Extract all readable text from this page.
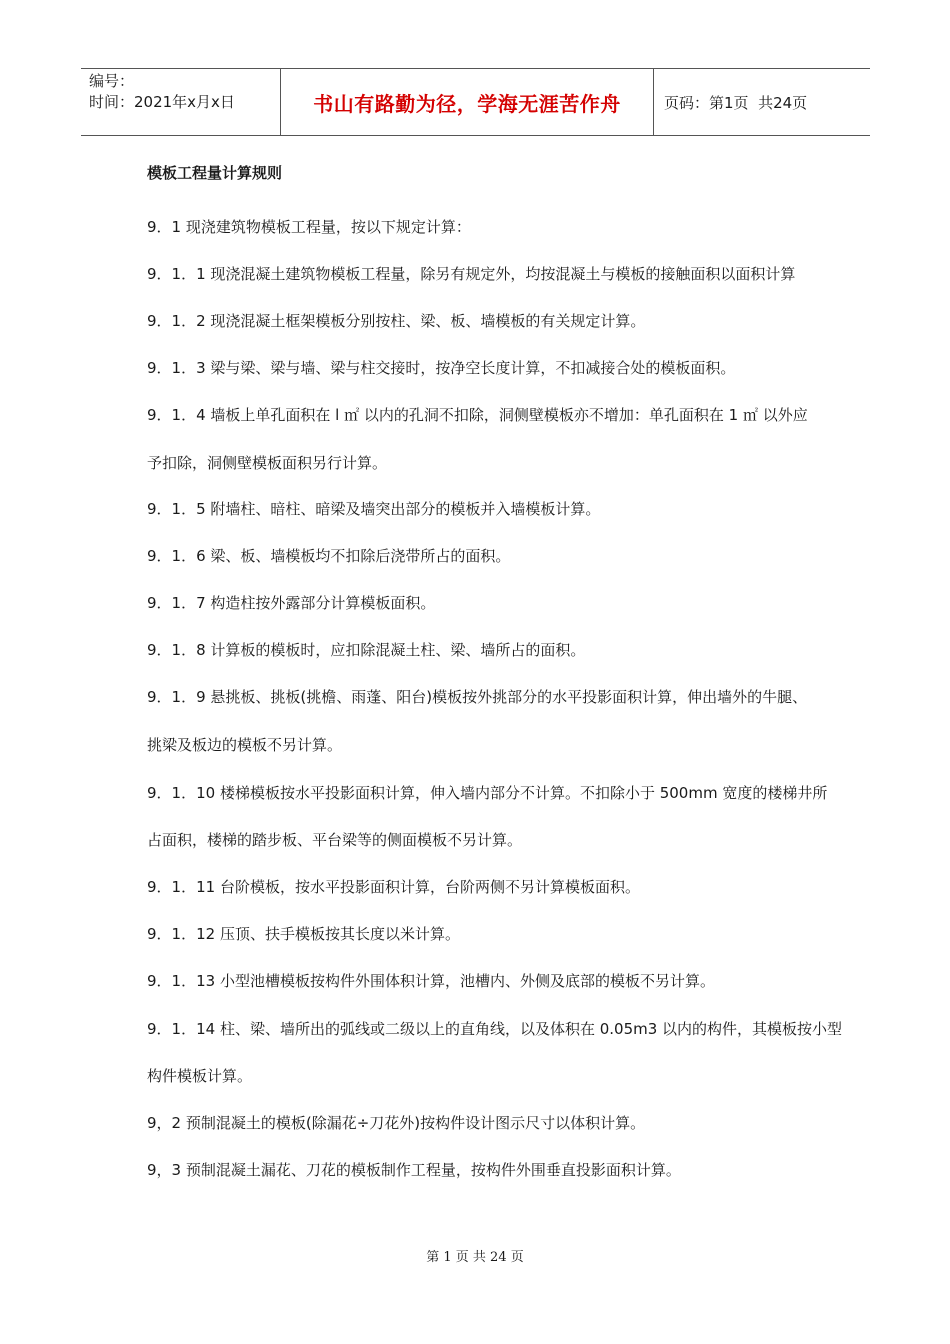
编号：
时间：2021年x月x日	书山有路勤为径，学海无涯苦作舟	页码：第1页  共24页
模板工程量计算规则
9．1 现浇建筑物模板工程量，按以下规定计算：
9．1．1 现浇混凝土建筑物模板工程量，除另有规定外，均按混凝土与模板的接触面积以面积计算
9．1．2 现浇混凝土框架模板分别按柱、梁、板、墙模板的有关规定计算。
9．1．3 梁与梁、梁与墙、梁与柱交接时，按净空长度计算，不扣减接合处的模板面积。
9．1．4 墙板上单孔面积在 l ㎡ 以内的孔洞不扣除，洞侧壁模板亦不增加：单孔面积在 1 ㎡ 以外应
予扣除，洞侧壁模板面积另行计算。
9．1．5 附墙柱、暗柱、暗梁及墙突出部分的模板并入墙模板计算。
9．1．6 梁、板、墙模板均不扣除后浇带所占的面积。
9．1．7 构造柱按外露部分计算模板面积。
9．1．8 计算板的模板时，应扣除混凝土柱、梁、墙所占的面积。
9．1．9 悬挑板、挑板(挑檐、雨蓬、阳台)模板按外挑部分的水平投影面积计算，伸出墙外的牛腿、
挑梁及板边的模板不另计算。
9．1．10 楼梯模板按水平投影面积计算，伸入墙内部分不计算。不扣除小于 500mm 宽度的楼梯井所
占面积，楼梯的踏步板、平台梁等的侧面模板不另计算。
9．1．11 台阶模板，按水平投影面积计算，台阶两侧不另计算模板面积。
9．1．12 压顶、扶手模板按其长度以米计算。
9．1．13 小型池槽模板按构件外围体积计算，池槽内、外侧及底部的模板不另计算。
9．1．14 柱、梁、墙所出的弧线或二级以上的直角线，以及体积在 0.05m3 以内的构件，其模板按小型
构件模板计算。
9，2 预制混凝土的模板(除漏花÷刀花外)按构件设计图示尺寸以体积计算。
9，3 预制混凝土漏花、刀花的模板制作工程量，按构件外围垂直投影面积计算。
第 1 页 共 24 页
